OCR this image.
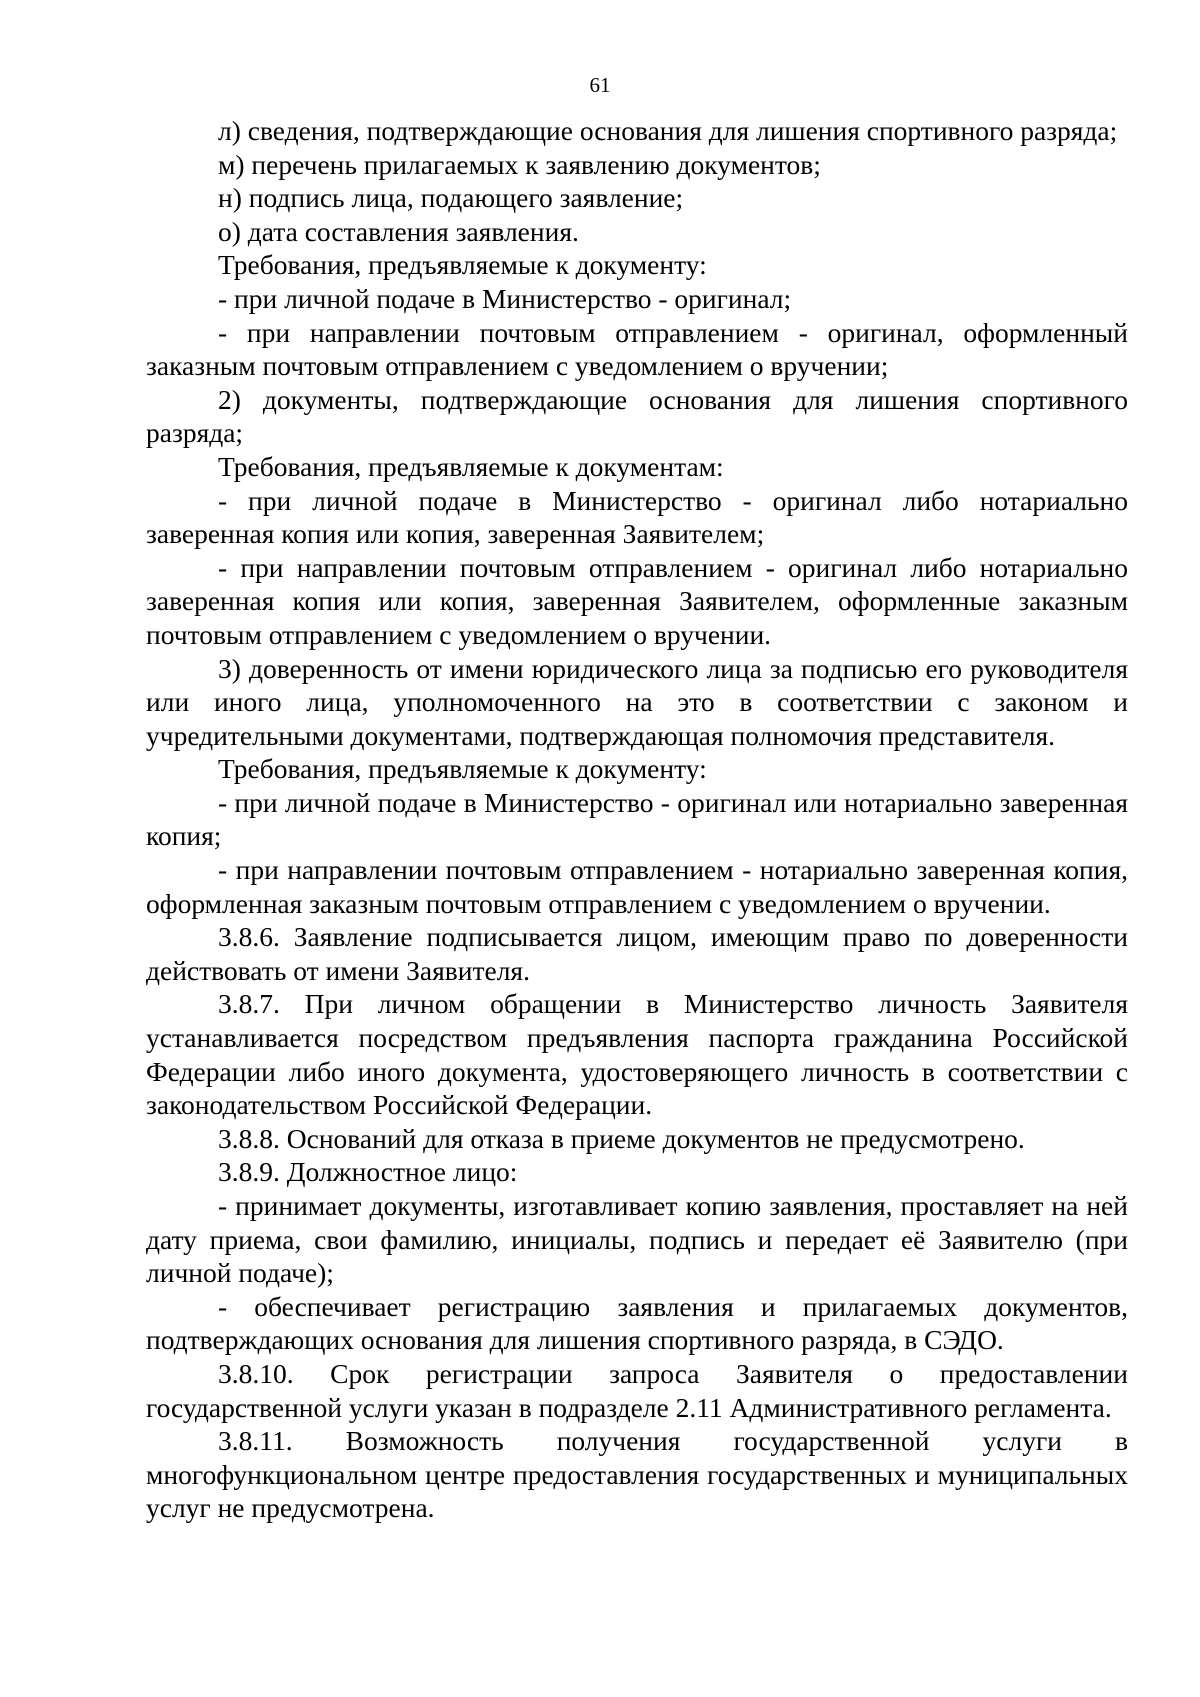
61

л) сведения, подтверждающие основания для лишения спортивного разряда;

м) перечень прилагаемых к заявлению документов;

н) подпись лица, подающего заявление;

о) дата составления заявления.

Требования, предъявляемые к документу:

- при личной подаче в Министерство - оригинал;

- при направлении почтовым отправлением - оригинал, оформленный заказным почтовым отправлением с уведомлением о вручении;

2) документы, подтверждающие основания для лишения спортивного разряда;

Требования, предъявляемые к документам:

- при личной подаче в Министерство - оригинал либо нотариально заверенная копия или копия, заверенная Заявителем;

- при направлении почтовым отправлением - оригинал либо нотариально заверенная копия или копия, заверенная Заявителем, оформленные заказным почтовым отправлением с уведомлением о вручении.

3) доверенность от имени юридического лица за подписью его руководителя или иного лица, уполномоченного на это в соответствии с законом и учредительными документами, подтверждающая полномочия представителя.

Требования, предъявляемые к документу:

- при личной подаче в Министерство - оригинал или нотариально заверенная копия;

- при направлении почтовым отправлением - нотариально заверенная копия, оформленная заказным почтовым отправлением с уведомлением о вручении.

3.8.6. Заявление подписывается лицом, имеющим право по доверенности действовать от имени Заявителя.

3.8.7. При личном обращении в Министерство личность Заявителя устанавливается посредством предъявления паспорта гражданина Российской Федерации либо иного документа, удостоверяющего личность в соответствии с законодательством Российской Федерации.

3.8.8. Оснований для отказа в приеме документов не предусмотрено.

3.8.9. Должностное лицо:

- принимает документы, изготавливает копию заявления, проставляет на ней дату приема, свои фамилию, инициалы, подпись и передает её Заявителю (при личной подаче);

- обеспечивает регистрацию заявления и прилагаемых документов, подтверждающих основания для лишения спортивного разряда, в СЭДО.

3.8.10. Срок регистрации запроса Заявителя о предоставлении государственной услуги указан в подразделе 2.11 Административного регламента.

3.8.11. Возможность получения государственной услуги в многофункциональном центре предоставления государственных и муниципальных услуг не предусмотрена.
